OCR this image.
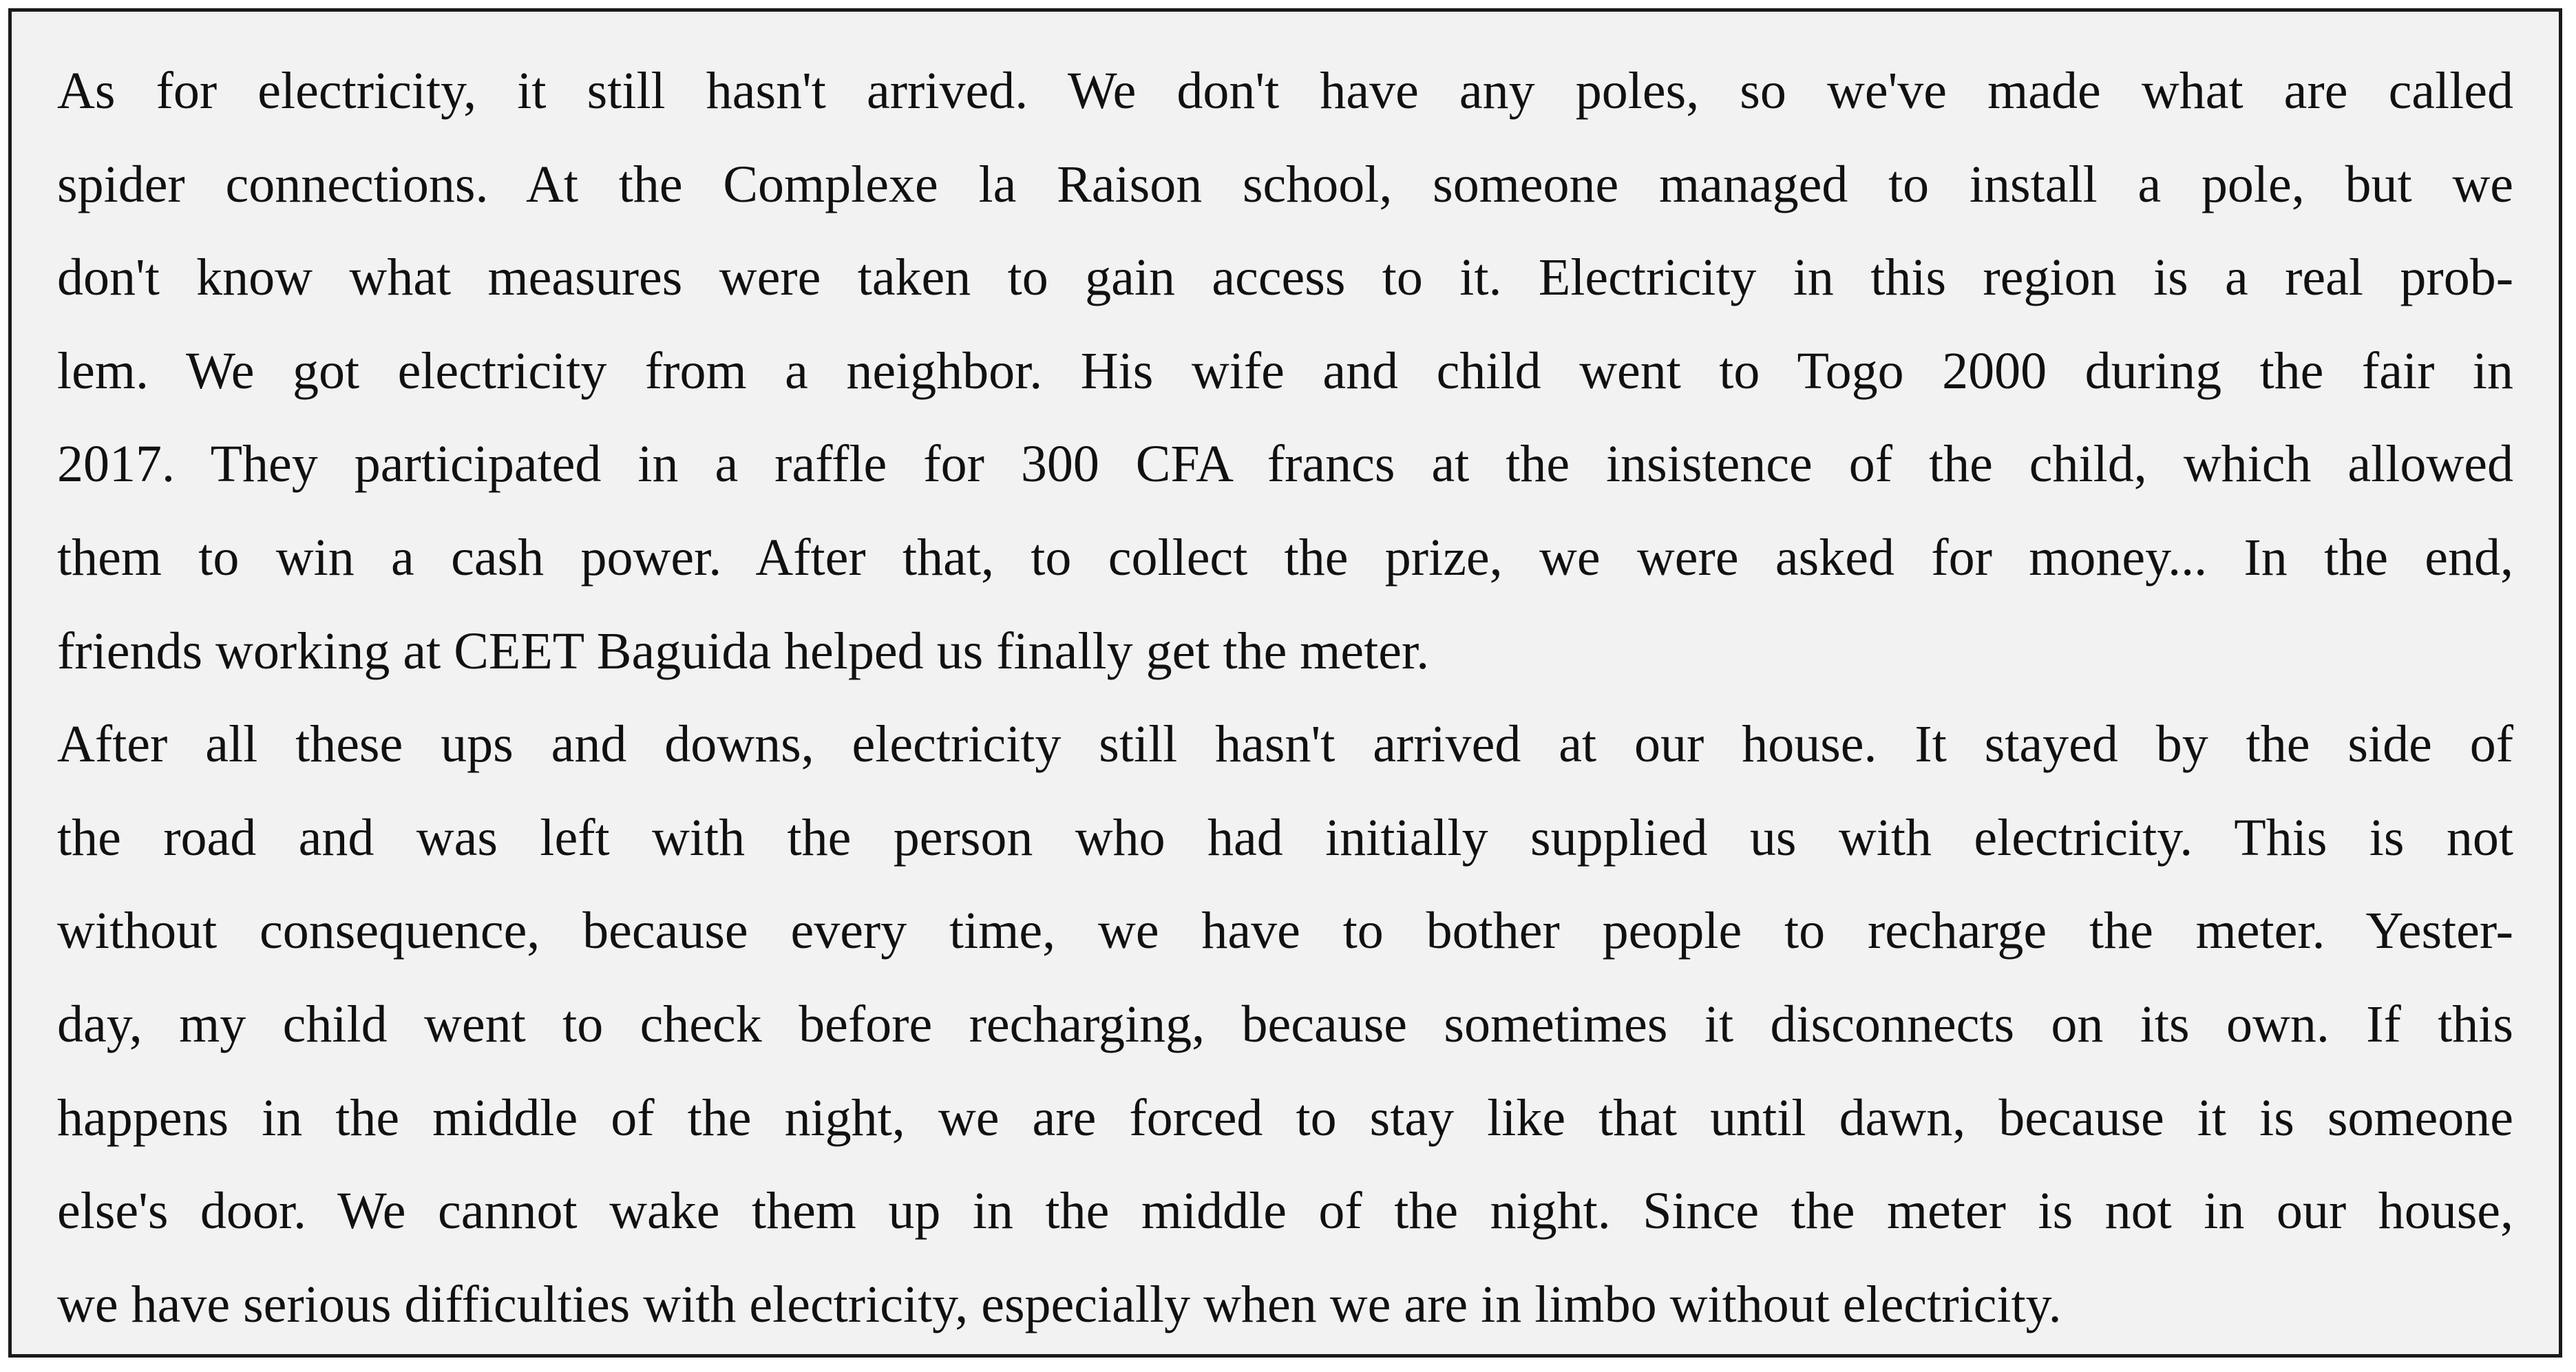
As for electricity, it still hasn't arrived. We don't have any poles, so we've made what are called
spider connections. At the Complexe la Raison school, someone managed to install a pole, but we
don't know what measures were taken to gain access to it. Electricity in this region is a real prob-
lem. We got electricity from a neighbor. His wife and child went to Togo 2000 during the fair in
2017. They participated in a raffle for 300 CFA francs at the insistence of the child, which allowed
them to win a cash power. After that, to collect the prize, we were asked for money... In the end,
friends working at CEET Baguida helped us finally get the meter.

After all these ups and downs, electricity still hasn't arrived at our house. It stayed by the side of
the road and was left with the person who had initially supplied us with electricity. This is not
without consequence, because every time, we have to bother people to recharge the meter. Yester-
day, my child went to check before recharging, because sometimes it disconnects on its own. If this
happens in the middle of the night, we are forced to stay like that until dawn, because it is someone
else's door. We cannot wake them up in the middle of the night. Since the meter is not in our house,
we have serious difficulties with electricity, especially when we are in limbo without electricity.
